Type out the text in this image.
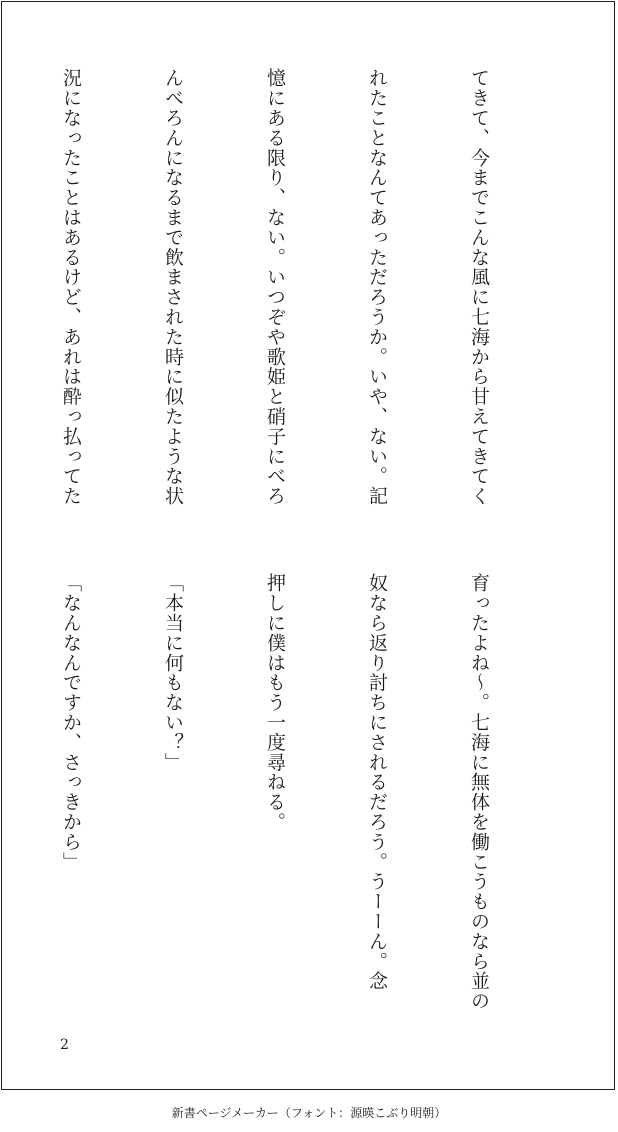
てきて、今までこんな風に七海から甘えてきてく

れたことなんてあっただろうか。いや、ない。記

憶にある限り、ない。いつぞや歌姫と硝子にべろ

んべろんになるまで飲まされた時に似たような状

況になったことはあるけど、あれは酔っ払ってた

育ったよね～。七海に無体を働こうものなら並の

奴なら返り討ちにされるだろう。うーーん。念

押しに僕はもう一度尋ねる。

「本当に何もない？」

「なんなんですか、さっきから」

2
新書ページメーカー（フォント：源暎こぶり明朝）
